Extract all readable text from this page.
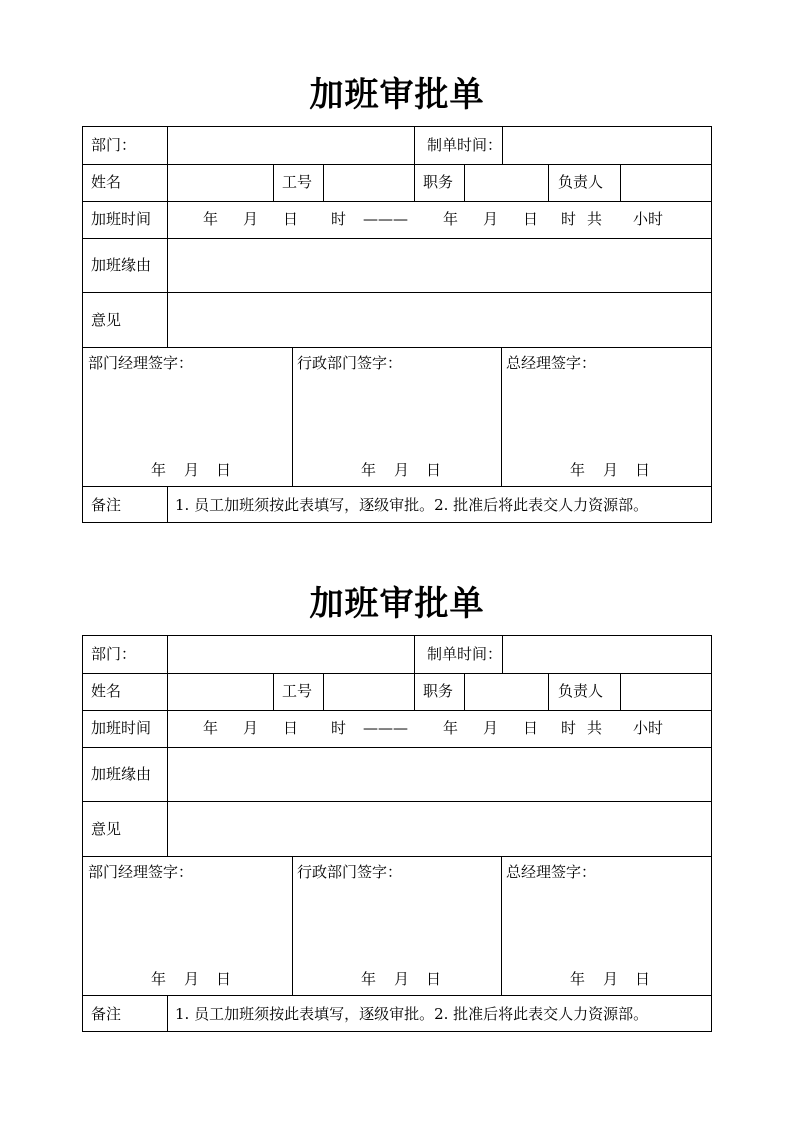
加班审批单
部门：	制单时间：
姓名	工号	职务	负责人
加班时间	年 月 日 时 ——— 年 月 日 时 共 小时
加班缘由
意见
部门经理签字：	行政部门签字：	总经理签字：
年 月 日	年 月 日	年 月 日
备注	1. 员工加班须按此表填写，逐级审批。2. 批准后将此表交人力资源部。
加班审批单
部门：	制单时间：
姓名	工号	职务	负责人
加班时间	年 月 日 时 ——— 年 月 日 时 共 小时
加班缘由
意见
部门经理签字：	行政部门签字：	总经理签字：
年 月 日	年 月 日	年 月 日
备注	1. 员工加班须按此表填写，逐级审批。2. 批准后将此表交人力资源部。
